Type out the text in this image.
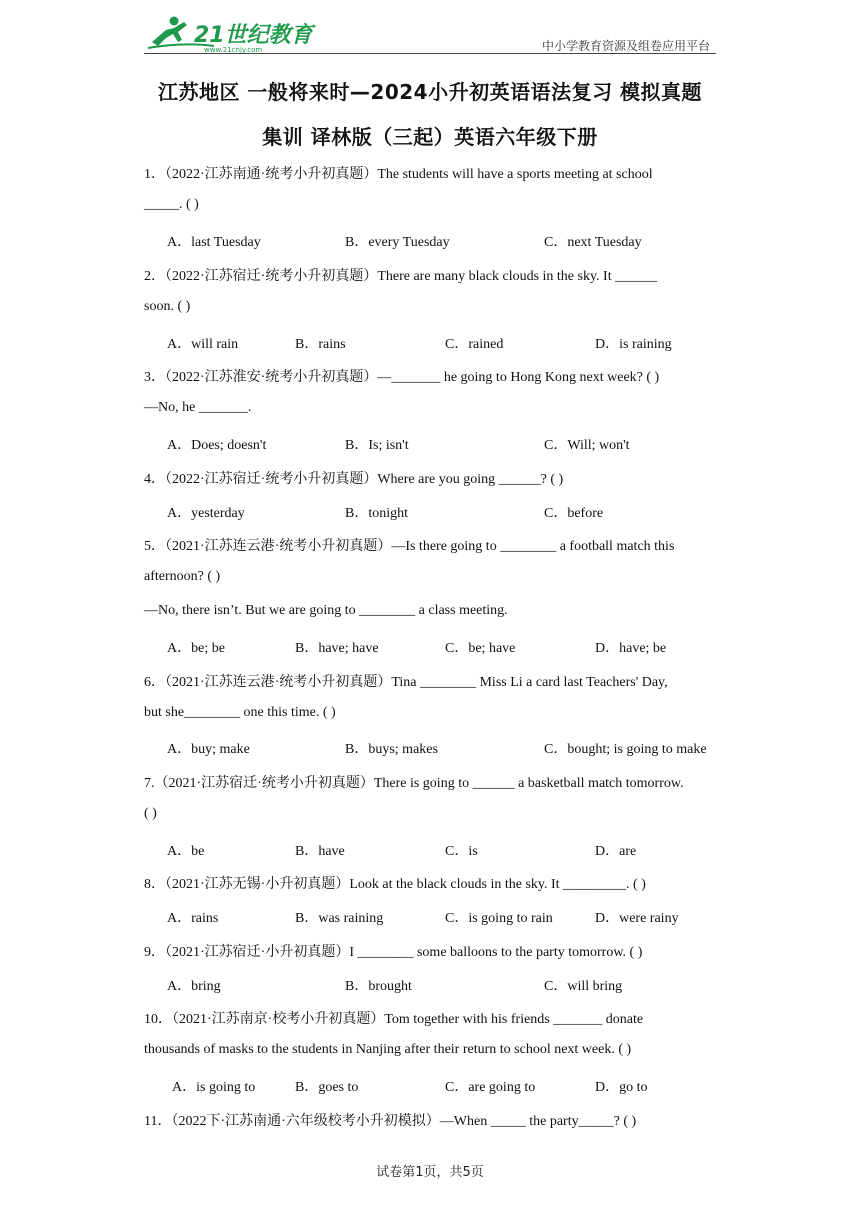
21世纪教育
www.21cnjy.com	中小学教育资源及组卷应用平台
江苏地区 一般将来时—2024小升初英语语法复习 模拟真题
集训 译林版（三起）英语六年级下册
1．（2022·江苏南通·统考小升初真题）The students will have a sports meeting at school
_____. ( )
A．last Tuesday	B．every Tuesday	C．next Tuesday
2．（2022·江苏宿迁·统考小升初真题）There are many black clouds in the sky. It ______
soon. ( )
A．will rain	B．rains	C．rained	D．is raining
3．（2022·江苏淮安·统考小升初真题）—_______ he going to Hong Kong next week? ( )
—No, he _______.
A．Does; doesn't	B．Is; isn't	C．Will; won't
4．（2022·江苏宿迁·统考小升初真题）Where are you going ______? ( )
A．yesterday	B．tonight	C．before
5．（2021·江苏连云港·统考小升初真题）—Is there going to ________ a football match this
afternoon? ( )
—No, there isn’t. But we are going to ________ a class meeting.
A．be; be	B．have; have	C．be; have	D．have; be
6．（2021·江苏连云港·统考小升初真题）Tina ________ Miss Li a card last Teachers' Day,
but she________ one this time. ( )
A．buy; make	B．buys; makes	C．bought; is going to make
7.（2021·江苏宿迁·统考小升初真题）There is going to ______ a basketball match tomorrow.
( )
A．be	B．have	C．is	D．are
8．（2021·江苏无锡·小升初真题）Look at the black clouds in the sky. It _________. ( )
A．rains	B．was raining	C．is going to rain	D．were rainy
9．（2021·江苏宿迁·小升初真题）I ________ some balloons to the party tomorrow. ( )
A．bring	B．brought	C．will bring
10．（2021·江苏南京·校考小升初真题）Tom together with his friends _______ donate
thousands of masks to the students in Nanjing after their return to school next week. ( )
A．is going to	B．goes to	C．are going to	D．go to
11．（2022下·江苏南通·六年级校考小升初模拟）—When _____ the party_____? ( )
试卷第1页，共5页
